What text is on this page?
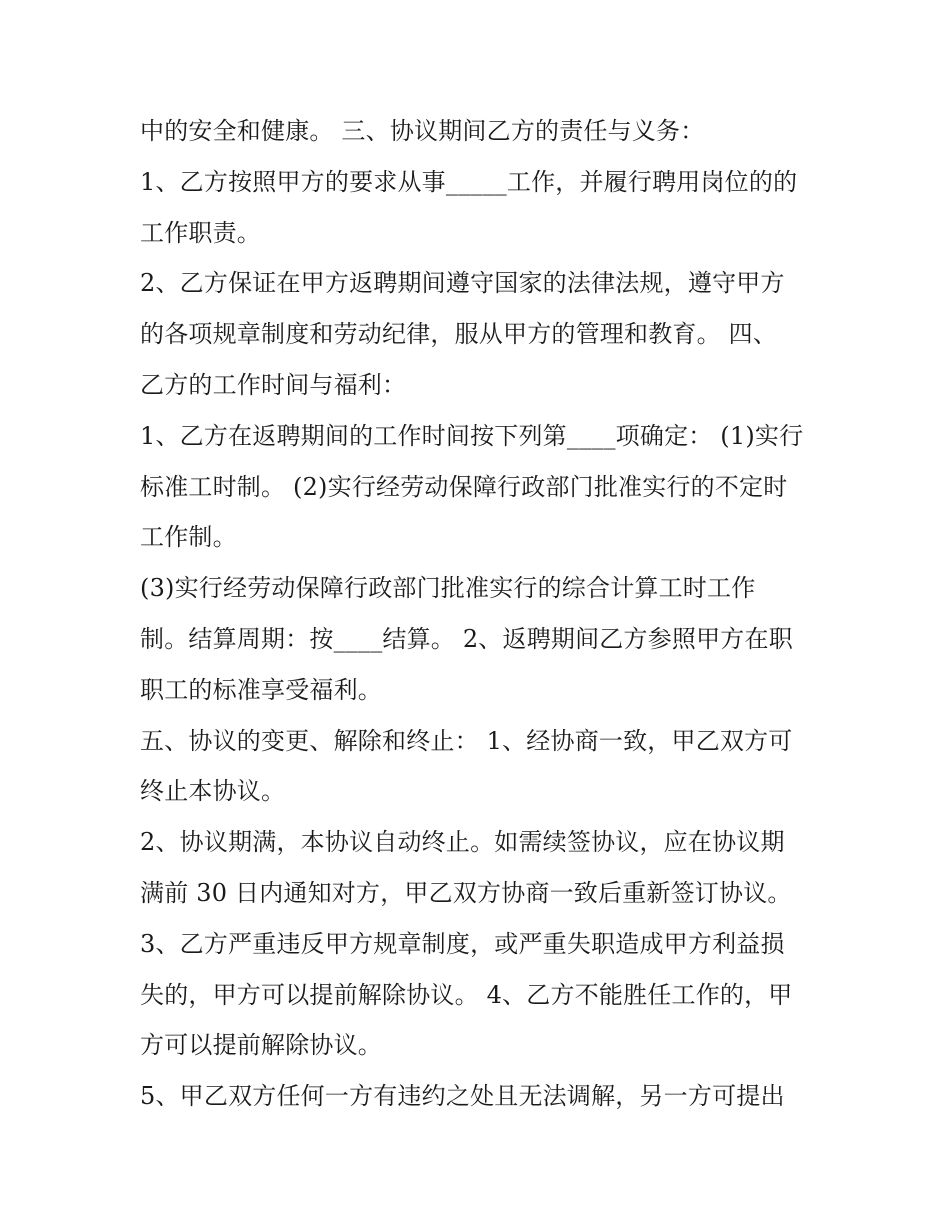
中的安全和健康。 三、协议期间乙方的责任与义务：
1、乙方按照甲方的要求从事_____工作，并履行聘用岗位的的
工作职责。
2、乙方保证在甲方返聘期间遵守国家的法律法规，遵守甲方
的各项规章制度和劳动纪律，服从甲方的管理和教育。 四、
乙方的工作时间与福利：
1、乙方在返聘期间的工作时间按下列第____项确定： (1)实行
标准工时制。 (2)实行经劳动保障行政部门批准实行的不定时
工作制。
(3)实行经劳动保障行政部门批准实行的综合计算工时工作
制。结算周期：按____结算。 2、返聘期间乙方参照甲方在职
职工的标准享受福利。
五、协议的变更、解除和终止： 1、经协商一致，甲乙双方可
终止本协议。
2、协议期满，本协议自动终止。如需续签协议，应在协议期
满前 30 日内通知对方，甲乙双方协商一致后重新签订协议。
3、乙方严重违反甲方规章制度，或严重失职造成甲方利益损
失的，甲方可以提前解除协议。 4、乙方不能胜任工作的，甲
方可以提前解除协议。
5、甲乙双方任何一方有违约之处且无法调解，另一方可提出
